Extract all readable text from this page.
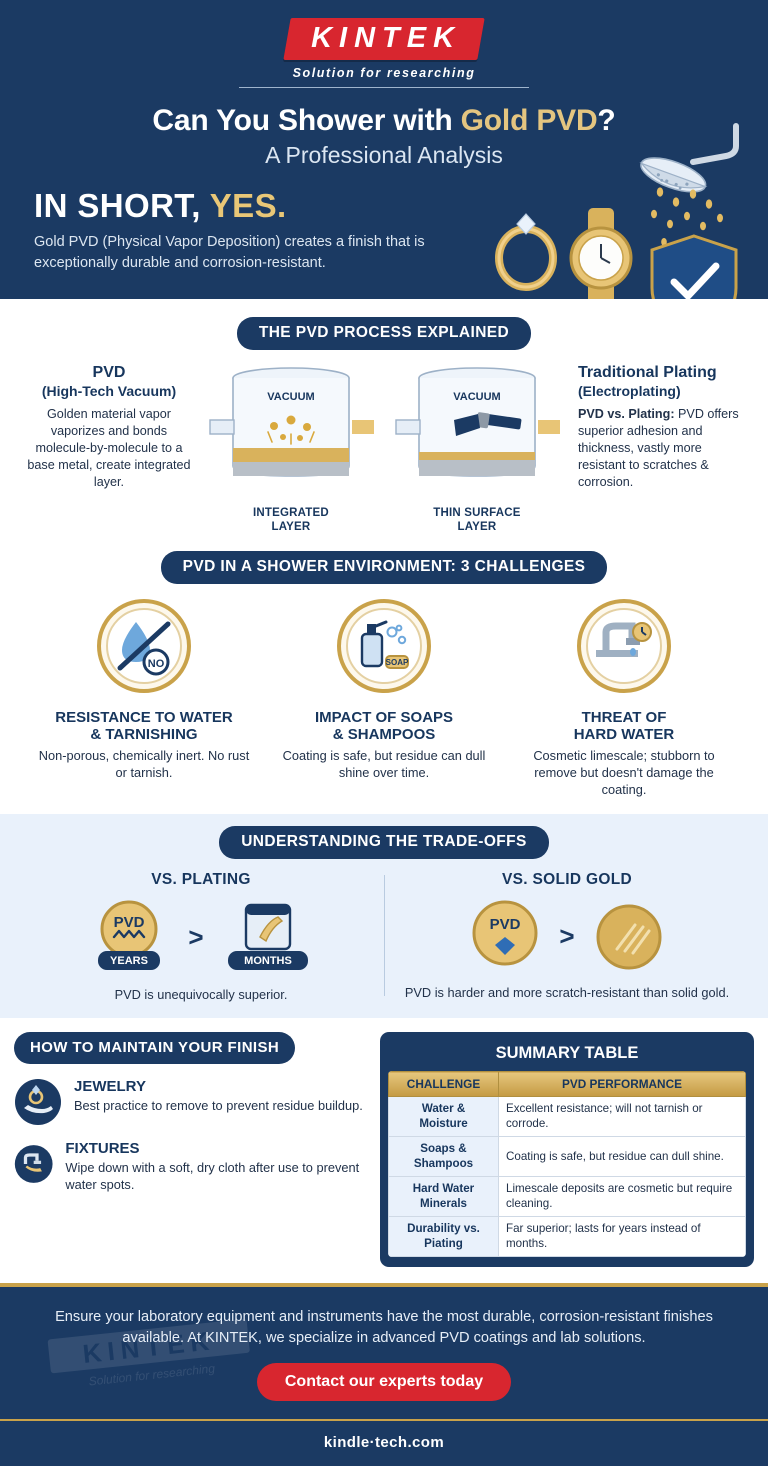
KINTEK
Solution for researching
Can You Shower with Gold PVD?
A Professional Analysis
IN SHORT, YES.

Gold PVD (Physical Vapor Deposition) creates a finish that is exceptionally durable and corrosion-resistant.

THE PVD PROCESS EXPLAINED
PVD
(High-Tech Vacuum)

Golden material vapor vaporizes and bonds molecule-by-molecule to a base metal, create integrated layer.

VACUUM
INTEGRATED
LAYER
VACUUM
THIN SURFACE
LAYER
Traditional Plating
(Electroplating)

PVD vs. Plating: PVD offers superior adhesion and thickness, vastly more resistant to scratches & corrosion.

PVD IN A SHOWER ENVIRONMENT: 3 CHALLENGES
NO
RESISTANCE TO WATER
& TARNISHING

Non-porous, chemically inert. No rust or tarnish.

SOAP
IMPACT OF SOAPS
& SHAMPOOS

Coating is safe, but residue can dull shine over time.

THREAT OF
HARD WATER

Cosmetic limescale; stubborn to remove but doesn't damage the coating.

UNDERSTANDING THE TRADE-OFFS
VS. PLATING
PVD
YEARS
>
MONTHS

PVD is unequivocally superior.

VS. SOLID GOLD
PVD >

PVD is harder and more scratch-resistant than solid gold.

HOW TO MAINTAIN YOUR FINISH
JEWELRY

Best practice to remove to prevent residue buildup.

FIXTURES

Wipe down with a soft, dry cloth after use to prevent water spots.

SUMMARY TABLE
CHALLENGE	PVD PERFORMANCE
Water &
Moisture	Excellent resistance; will not tarnish or corrode.
Soaps &
Shampoos	Coating is safe, but residue can dull shine.
Hard Water
Minerals	Limescale deposits are cosmetic but require cleaning.
Durability vs.
Piating	Far superior; lasts for years instead of months.
KINTEK
Solution for researching

Ensure your laboratory equipment and instruments have the most durable, corrosion-resistant finishes available. At KINTEK, we specialize in advanced PVD coatings and lab solutions.

Contact our experts today
kindle·tech.com
